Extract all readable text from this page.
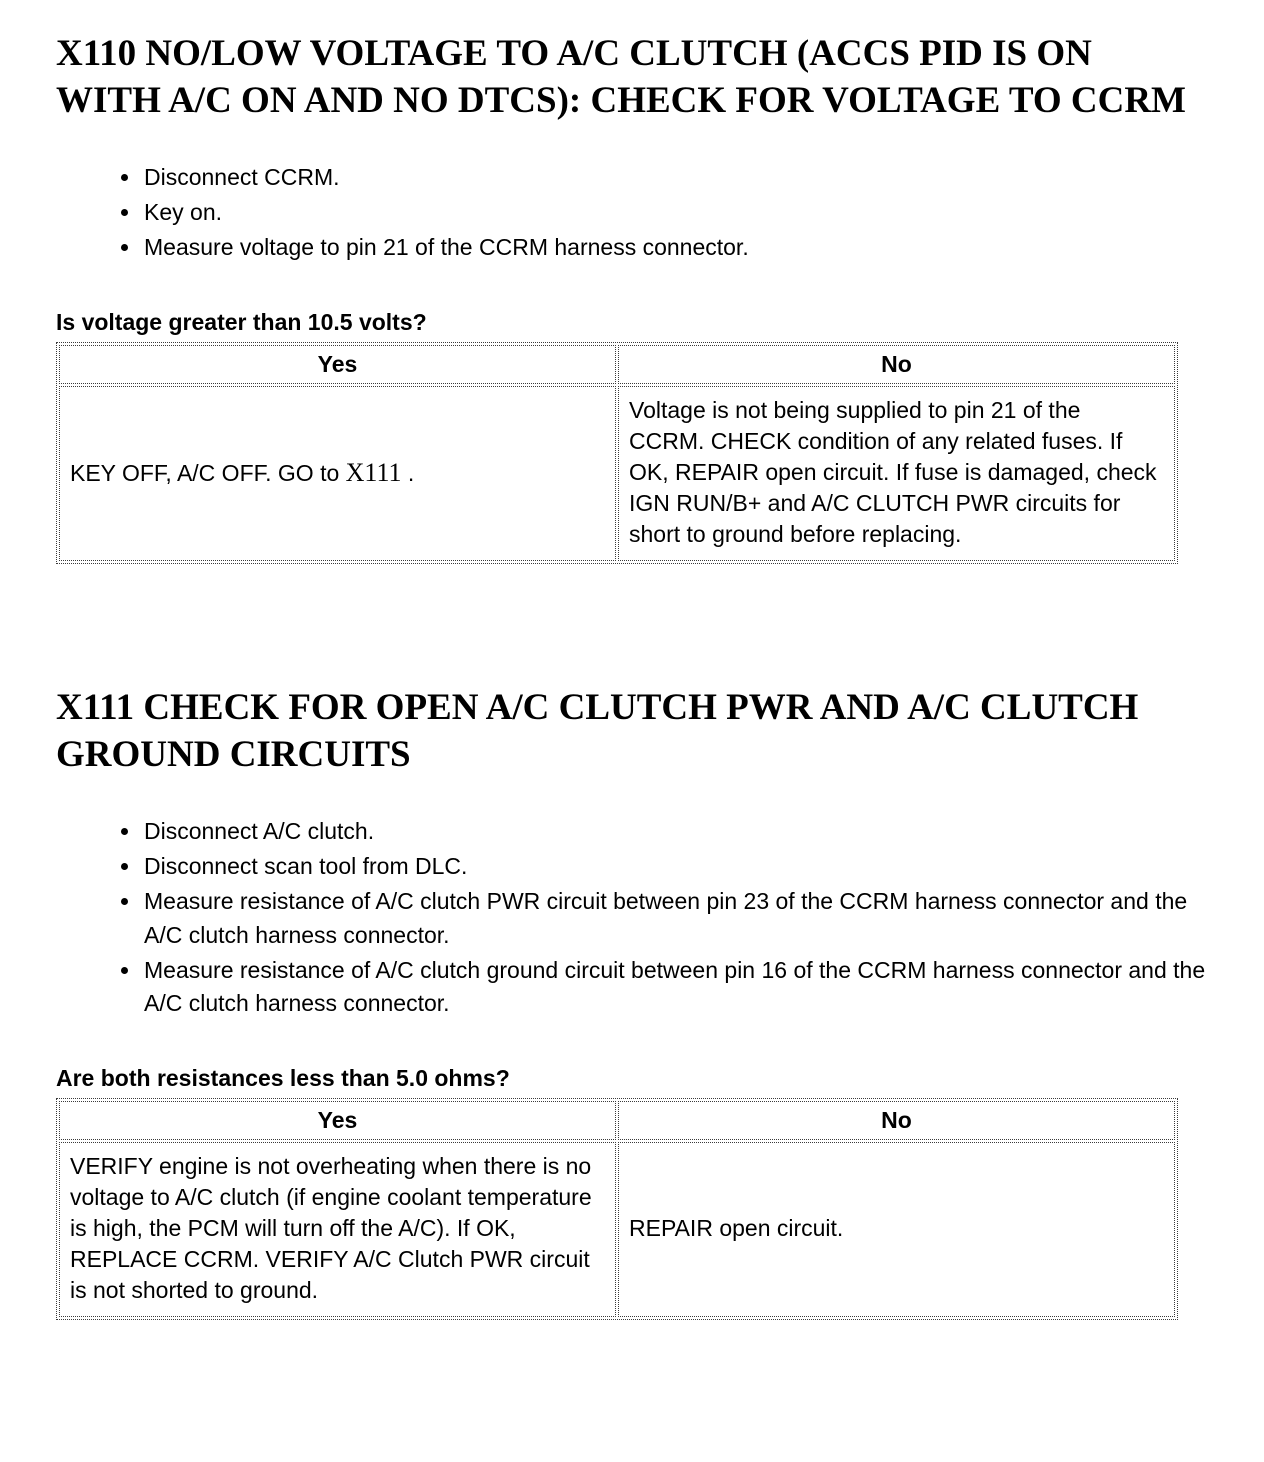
X110 NO/LOW VOLTAGE TO A/C CLUTCH (ACCS PID IS ON WITH A/C ON AND NO DTCS): CHECK FOR VOLTAGE TO CCRM
• Disconnect CCRM.
• Key on.
• Measure voltage to pin 21 of the CCRM harness connector.

Is voltage greater than 10.5 volts?

Yes	No
KEY OFF, A/C OFF. GO to X111 .	Voltage is not being supplied to pin 21 of the CCRM. CHECK condition of any related fuses. If OK, REPAIR open circuit. If fuse is damaged, check IGN RUN/B+ and A/C CLUTCH PWR circuits for short to ground before replacing.
X111 CHECK FOR OPEN A/C CLUTCH PWR AND A/C CLUTCH GROUND CIRCUITS
• Disconnect A/C clutch.
• Disconnect scan tool from DLC.
• Measure resistance of A/C clutch PWR circuit between pin 23 of the CCRM harness connector and the A/C clutch harness connector.
• Measure resistance of A/C clutch ground circuit between pin 16 of the CCRM harness connector and the A/C clutch harness connector.

Are both resistances less than 5.0 ohms?

Yes	No
VERIFY engine is not overheating when there is no voltage to A/C clutch (if engine coolant temperature is high, the PCM will turn off the A/C). If OK, REPLACE CCRM. VERIFY A/C Clutch PWR circuit is not shorted to ground.	REPAIR open circuit.
